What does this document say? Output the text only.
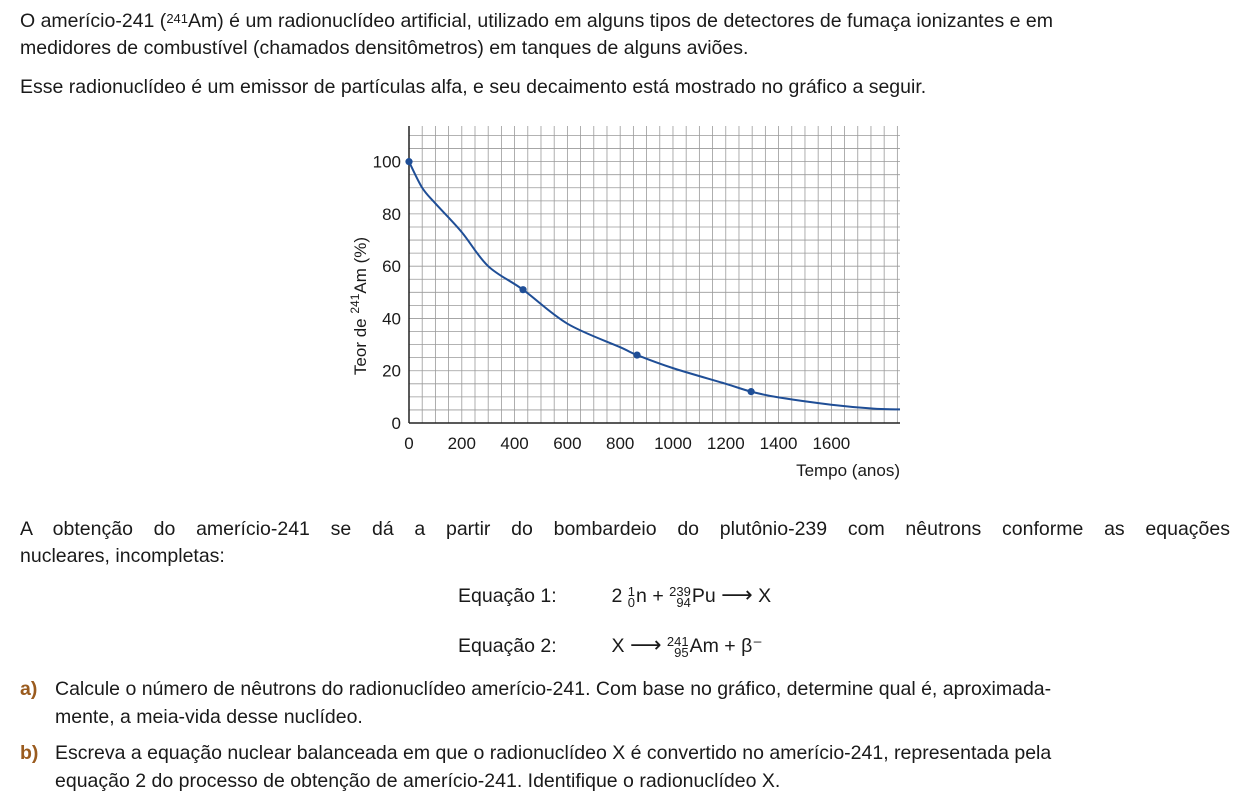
O amerício-241 ($^{241}$Am) é um radionuclídeo artificial, utilizado em alguns tipos de detectores de fumaça ionizantes e em
medidores de combustível (chamados densitômetros) em tanques de alguns aviões.

Esse radionuclídeo é um emissor de partículas alfa, e seu decaimento está mostrado no gráfico a seguir.

0 200 400 600 800 1000 1200 1400 1600
0
20
40
60
80
100
Tempo (anos)
Teor de $^{241}$Am (%)
A obtenção do amerício-241 se dá a partir do bombardeio do plutônio-239 com nêutrons conforme as equações
nucleares, incompletas:
Equação 1:	2 1
0 n + 239
94 Pu ⟶ X
Equação 2:	X ⟶ 241
95 Am + β⁻
a) Calcule o número de nêutrons do radionuclídeo amerício-241. Com base no gráfico, determine qual é, aproximada-
mente, a meia-vida desse nuclídeo.
b) Escreva a equação nuclear balanceada em que o radionuclídeo X é convertido no amerício-241, representada pela
equação 2 do processo de obtenção de amerício-241. Identifique o radionuclídeo X.
